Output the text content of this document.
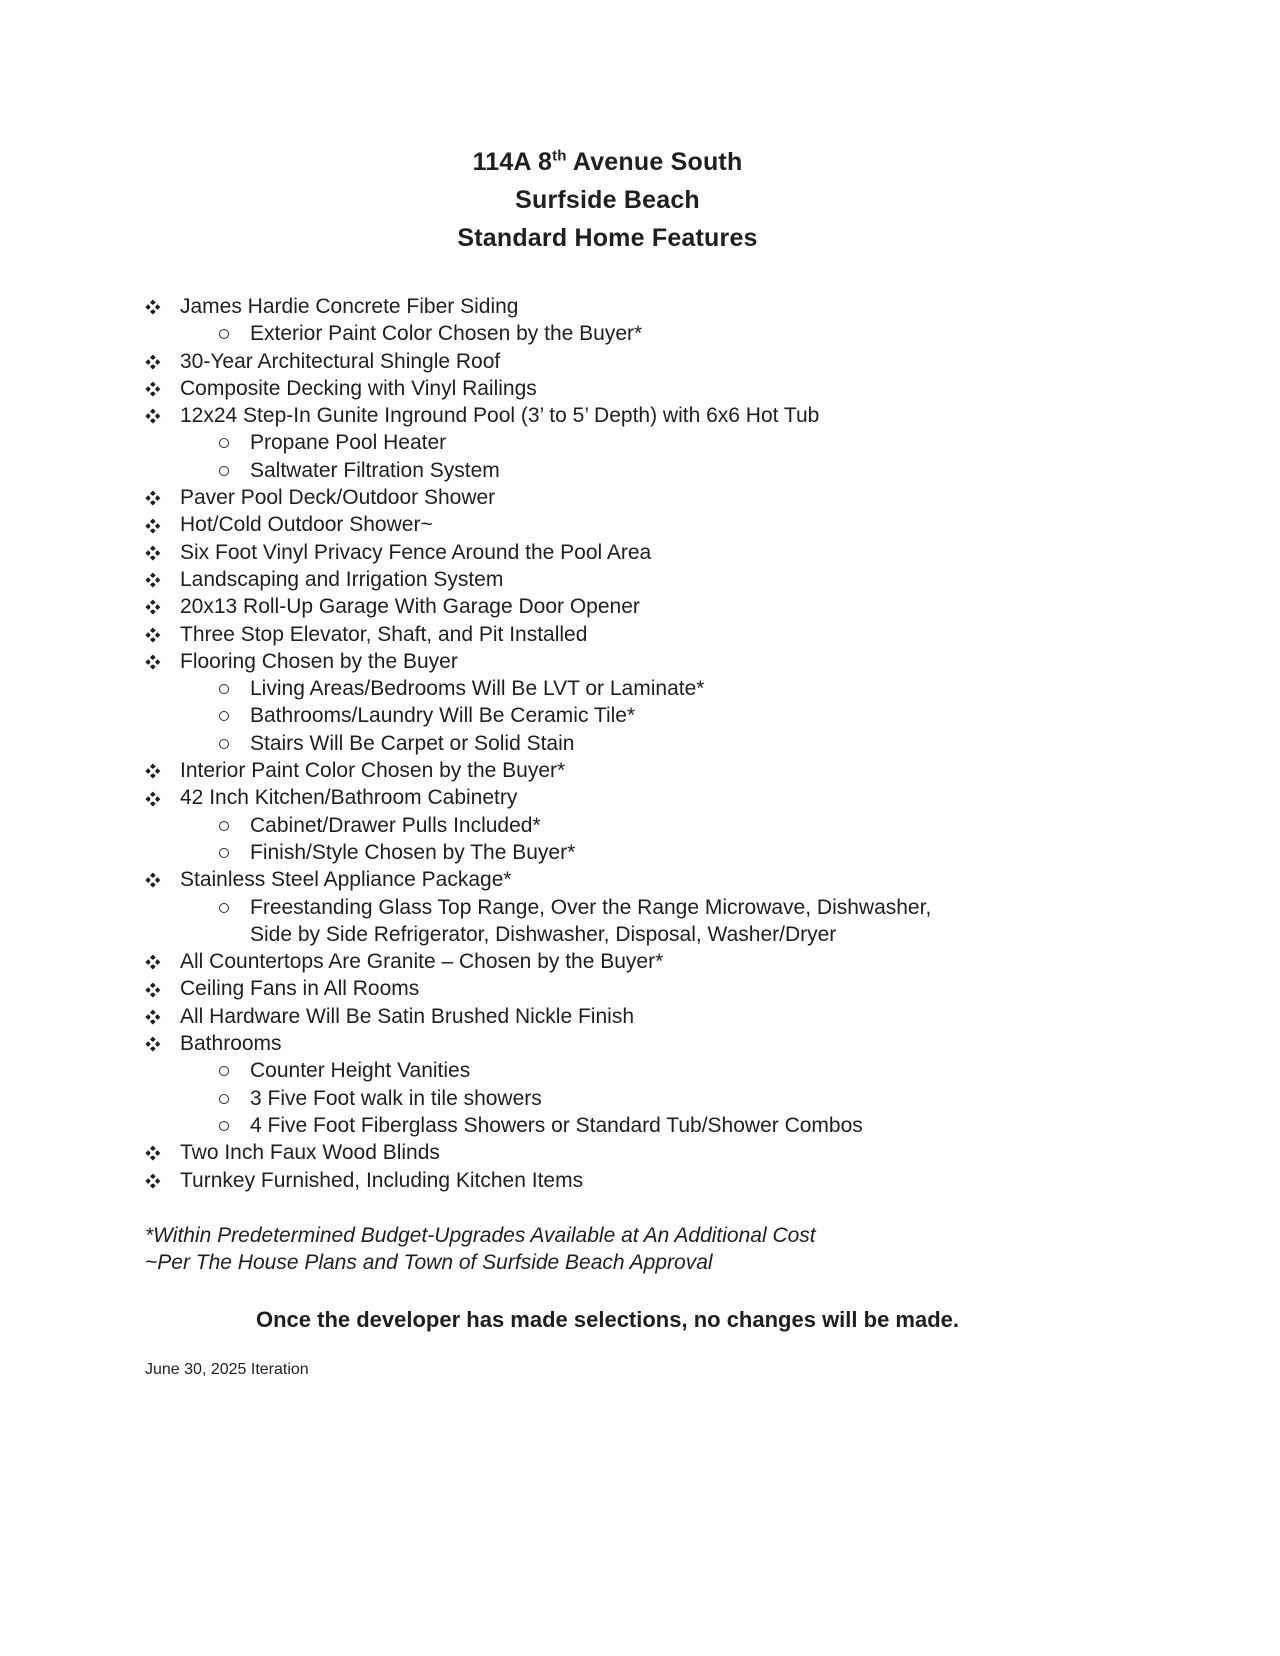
114A 8th Avenue South
Surfside Beach
Standard Home Features
James Hardie Concrete Fiber Siding
Exterior Paint Color Chosen by the Buyer*
30-Year Architectural Shingle Roof
Composite Decking with Vinyl Railings
12x24 Step-In Gunite Inground Pool (3’ to 5’ Depth) with 6x6 Hot Tub
Propane Pool Heater
Saltwater Filtration System
Paver Pool Deck/Outdoor Shower
Hot/Cold Outdoor Shower~
Six Foot Vinyl Privacy Fence Around the Pool Area
Landscaping and Irrigation System
20x13 Roll-Up Garage With Garage Door Opener
Three Stop Elevator, Shaft, and Pit Installed
Flooring Chosen by the Buyer
Living Areas/Bedrooms Will Be LVT or Laminate*
Bathrooms/Laundry Will Be Ceramic Tile*
Stairs Will Be Carpet or Solid Stain
Interior Paint Color Chosen by the Buyer*
42 Inch Kitchen/Bathroom Cabinetry
Cabinet/Drawer Pulls Included*
Finish/Style Chosen by The Buyer*
Stainless Steel Appliance Package*
Freestanding Glass Top Range, Over the Range Microwave, Dishwasher,
Side by Side Refrigerator, Dishwasher, Disposal, Washer/Dryer
All Countertops Are Granite – Chosen by the Buyer*
Ceiling Fans in All Rooms
All Hardware Will Be Satin Brushed Nickle Finish
Bathrooms
Counter Height Vanities
3 Five Foot walk in tile showers
4 Five Foot Fiberglass Showers or Standard Tub/Shower Combos
Two Inch Faux Wood Blinds
Turnkey Furnished, Including Kitchen Items
*Within Predetermined Budget-Upgrades Available at An Additional Cost
~Per The House Plans and Town of Surfside Beach Approval
Once the developer has made selections, no changes will be made.
June 30, 2025 Iteration
